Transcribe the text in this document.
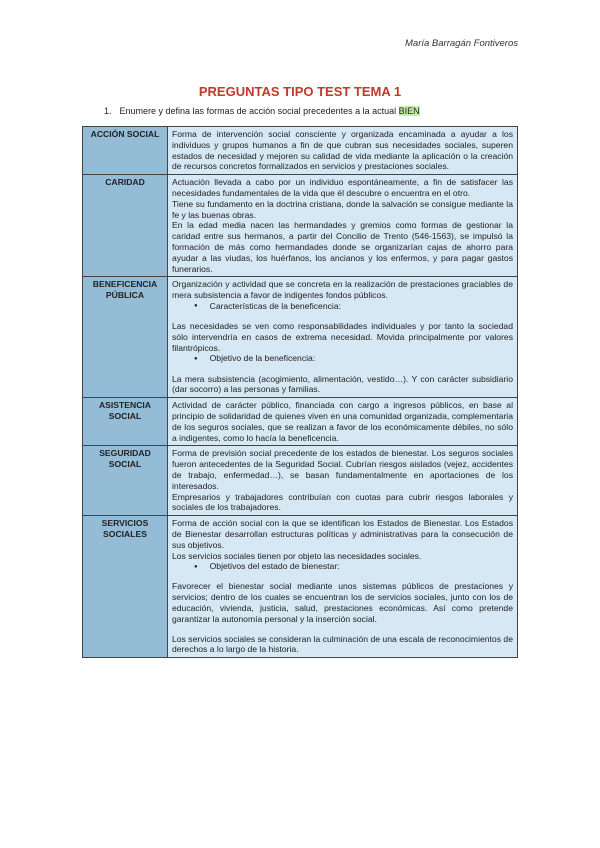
María Barragán Fontiveros
PREGUNTAS TIPO TEST TEMA 1
1. Enumere y defina las formas de acción social precedentes a la actual BIEN
ACCIÓN SOCIAL	Forma de intervención social consciente y organizada encaminada a ayudar a los individuos y grupos humanos a fin de que cubran sus necesidades sociales, superen estados de necesidad y mejoren su calidad de vida mediante la aplicación o la creación de recursos concretos formalizados en servicios y prestaciones sociales.

CARIDAD	Actuación llevada a cabo por un individuo espontáneamente, a fin de satisfacer las necesidades fundamentales de la vida que él descubre o encuentra en el otro.

Tiene su fundamento en la doctrina cristiana, donde la salvación se consigue mediante la fe y las buenas obras.

En la edad media nacen las hermandades y gremios como formas de gestionar la caridad entre sus hermanos, a partir del Concilio de Trento (546-1563), se impulsó la formación de más como hermandades donde se organizarían cajas de ahorro para ayudar a las viudas, los huérfanos, los ancianos y los enfermos, y para pagar gastos funerarios.

BENEFICENCIA PÚBLICA	Organización y actividad que se concreta en la realización de prestaciones graciables de mera subsistencia a favor de indigentes fondos públicos.

● Características de la beneficencia:

Las necesidades se ven como responsabilidades individuales y por tanto la sociedad sólo intervendría en casos de extrema necesidad. Movida principalmente por valores filantrópicos.

● Objetivo de la beneficencia:

La mera subsistencia (acogimiento, alimentación, vestido…). Y con carácter subsidiario (dar socorro) a las personas y familias.

ASISTENCIA SOCIAL	Actividad de carácter público, financiada con cargo a ingresos públicos, en base al principio de solidaridad de quienes viven en una comunidad organizada, complementaria de los seguros sociales, que se realizan a favor de los económicamente débiles, no sólo a indigentes, como lo hacía la beneficencia.

SEGURIDAD SOCIAL	Forma de previsión social precedente de los estados de bienestar. Los seguros sociales fueron antecedentes de la Seguridad Social. Cubrían riesgos aislados (vejez, accidentes de trabajo, enfermedad…), se basan fundamentalmente en aportaciones de los interesados.

Empresarios y trabajadores contribuían con cuotas para cubrir riesgos laborales y sociales de los trabajadores.

SERVICIOS SOCIALES	Forma de acción social con la que se identifican los Estados de Bienestar. Los Estados de Bienestar desarrollan estructuras políticas y administrativas para la consecución de sus objetivos.

Los servicios sociales tienen por objeto las necesidades sociales.

● Objetivos del estado de bienestar:

Favorecer el bienestar social mediante unos sistemas públicos de prestaciones y servicios; dentro de los cuales se encuentran los de servicios sociales, junto con los de educación, vivienda, justicia, salud, prestaciones económicas. Así como pretende garantizar la autonomía personal y la inserción social.

Los servicios sociales se consideran la culminación de una escala de reconocimientos de derechos a lo largo de la historia.
